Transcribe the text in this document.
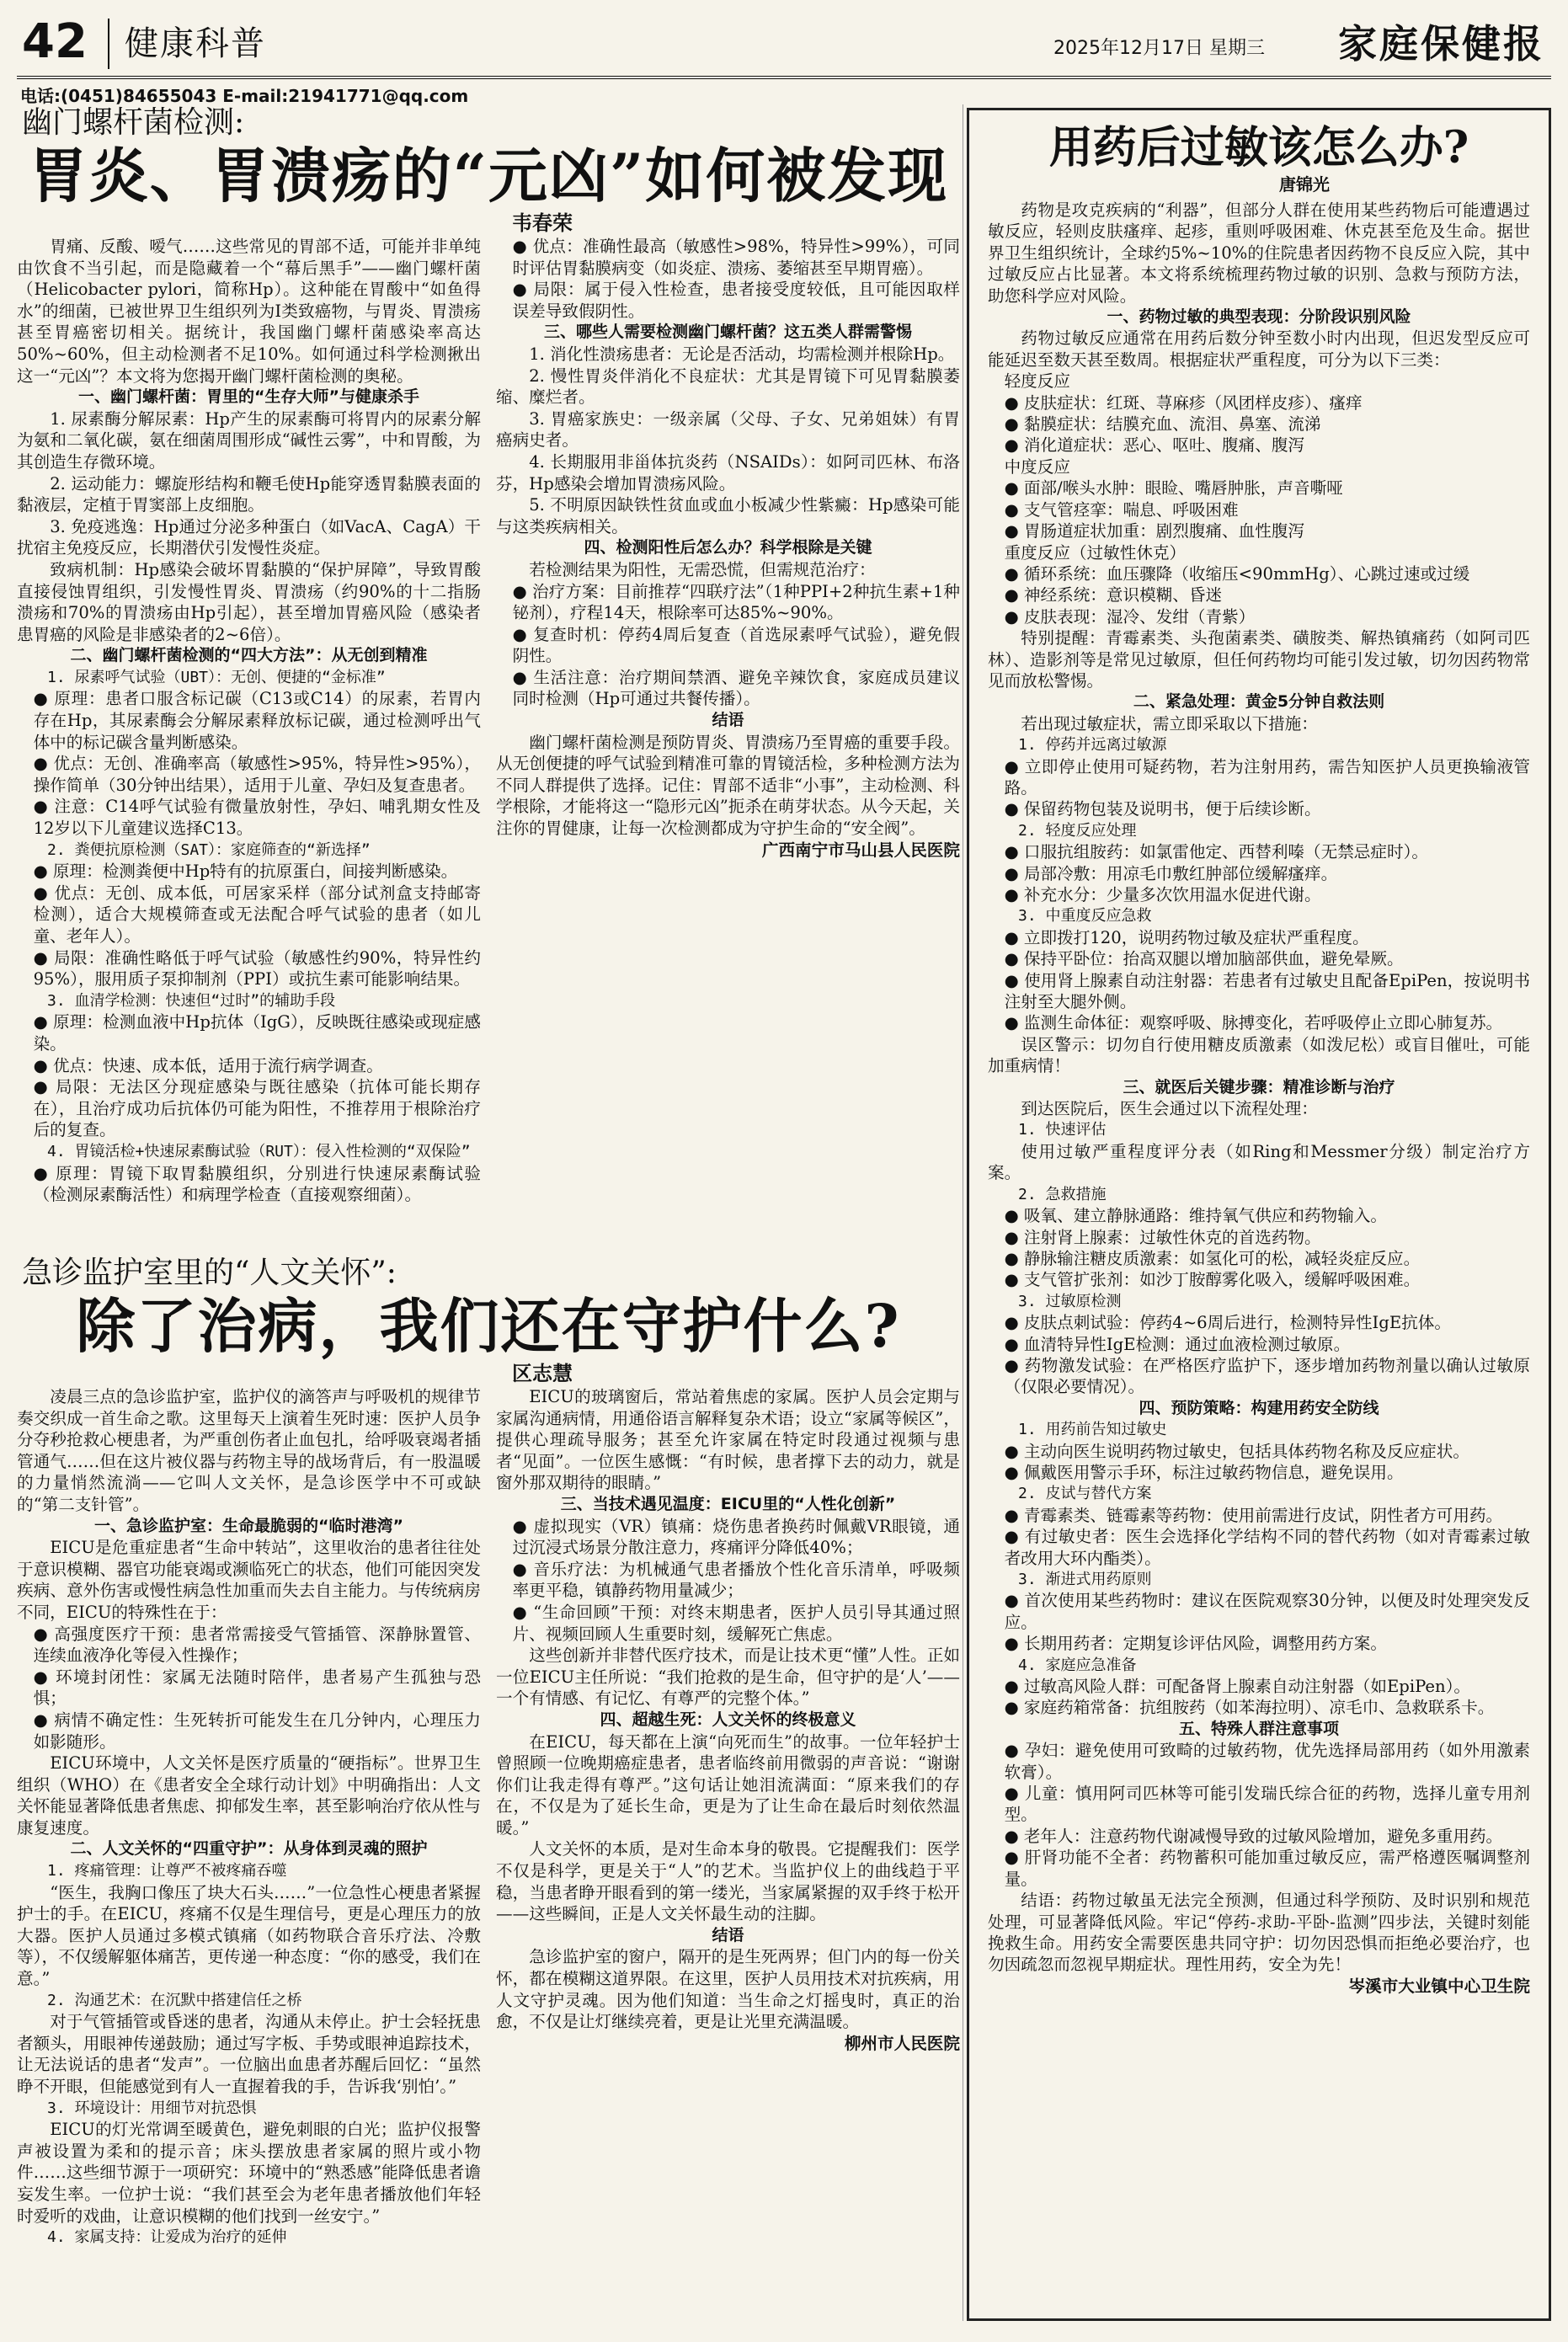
42 健康科普	2025年12月17日 星期三 家庭保健报
电话:(0451)84655043 E-mail:21941771@qq.com
幽门螺杆菌检测:
胃炎、胃溃疡的“元凶”如何被发现
韦春荣

胃痛、反酸、嗳气……这些常见的胃部不适，可能并非单纯由饮食不当引起，而是隐藏着一个“幕后黑手”——幽门螺杆菌（Helicobacter pylori，简称Hp）。这种能在胃酸中“如鱼得水”的细菌，已被世界卫生组织列为Ⅰ类致癌物，与胃炎、胃溃疡甚至胃癌密切相关。据统计，我国幽门螺杆菌感染率高达50%~60%，但主动检测者不足10%。如何通过科学检测揪出这一“元凶”？本文将为您揭开幽门螺杆菌检测的奥秘。

一、幽门螺杆菌：胃里的“生存大师”与健康杀手

1. 尿素酶分解尿素：Hp产生的尿素酶可将胃内的尿素分解为氨和二氧化碳，氨在细菌周围形成“碱性云雾”，中和胃酸，为其创造生存微环境。

2. 运动能力：螺旋形结构和鞭毛使Hp能穿透胃黏膜表面的黏液层，定植于胃窦部上皮细胞。

3. 免疫逃逸：Hp通过分泌多种蛋白（如VacA、CagA）干扰宿主免疫反应，长期潜伏引发慢性炎症。

致病机制：Hp感染会破坏胃黏膜的“保护屏障”，导致胃酸直接侵蚀胃组织，引发慢性胃炎、胃溃疡（约90%的十二指肠溃疡和70%的胃溃疡由Hp引起），甚至增加胃癌风险（感染者患胃癌的风险是非感染者的2~6倍）。

二、幽门螺杆菌检测的“四大方法”：从无创到精准

1. 尿素呼气试验（UBT）：无创、便捷的“金标准”

● 原理：患者口服含标记碳（C13或C14）的尿素，若胃内存在Hp，其尿素酶会分解尿素释放标记碳，通过检测呼出气体中的标记碳含量判断感染。

● 优点：无创、准确率高（敏感性>95%，特异性>95%），操作简单（30分钟出结果），适用于儿童、孕妇及复查患者。

● 注意：C14呼气试验有微量放射性，孕妇、哺乳期女性及12岁以下儿童建议选择C13。

2. 粪便抗原检测（SAT）：家庭筛查的“新选择”

● 原理：检测粪便中Hp特有的抗原蛋白，间接判断感染。

● 优点：无创、成本低，可居家采样（部分试剂盒支持邮寄检测），适合大规模筛查或无法配合呼气试验的患者（如儿童、老年人）。

● 局限：准确性略低于呼气试验（敏感性约90%，特异性约95%），服用质子泵抑制剂（PPI）或抗生素可能影响结果。

3. 血清学检测：快速但“过时”的辅助手段

● 原理：检测血液中Hp抗体（IgG），反映既往感染或现症感染。

● 优点：快速、成本低，适用于流行病学调查。

● 局限：无法区分现症感染与既往感染（抗体可能长期存在），且治疗成功后抗体仍可能为阳性，不推荐用于根除治疗后的复查。

4. 胃镜活检+快速尿素酶试验（RUT）：侵入性检测的“双保险”

● 原理：胃镜下取胃黏膜组织，分别进行快速尿素酶试验（检测尿素酶活性）和病理学检查（直接观察细菌）。

● 优点：准确性最高（敏感性>98%，特异性>99%），可同时评估胃黏膜病变（如炎症、溃疡、萎缩甚至早期胃癌）。

● 局限：属于侵入性检查，患者接受度较低，且可能因取样误差导致假阴性。

三、哪些人需要检测幽门螺杆菌？这五类人群需警惕

1. 消化性溃疡患者：无论是否活动，均需检测并根除Hp。

2. 慢性胃炎伴消化不良症状：尤其是胃镜下可见胃黏膜萎缩、糜烂者。

3. 胃癌家族史：一级亲属（父母、子女、兄弟姐妹）有胃癌病史者。

4. 长期服用非甾体抗炎药（NSAIDs）：如阿司匹林、布洛芬，Hp感染会增加胃溃疡风险。

5. 不明原因缺铁性贫血或血小板减少性紫癜：Hp感染可能与这类疾病相关。

四、检测阳性后怎么办？科学根除是关键

若检测结果为阳性，无需恐慌，但需规范治疗：

● 治疗方案：目前推荐“四联疗法”（1种PPI+2种抗生素+1种铋剂），疗程14天，根除率可达85%~90%。

● 复查时机：停药4周后复查（首选尿素呼气试验），避免假阴性。

● 生活注意：治疗期间禁酒、避免辛辣饮食，家庭成员建议同时检测（Hp可通过共餐传播）。

结语

幽门螺杆菌检测是预防胃炎、胃溃疡乃至胃癌的重要手段。从无创便捷的呼气试验到精准可靠的胃镜活检，多种检测方法为不同人群提供了选择。记住：胃部不适非“小事”，主动检测、科学根除，才能将这一“隐形元凶”扼杀在萌芽状态。从今天起，关注你的胃健康，让每一次检测都成为守护生命的“安全阀”。

广西南宁市马山县人民医院

急诊监护室里的“人文关怀”:
除了治病，我们还在守护什么?
区志慧

凌晨三点的急诊监护室，监护仪的滴答声与呼吸机的规律节奏交织成一首生命之歌。这里每天上演着生死时速：医护人员争分夺秒抢救心梗患者，为严重创伤者止血包扎，给呼吸衰竭者插管通气……但在这片被仪器与药物主导的战场背后，有一股温暖的力量悄然流淌——它叫人文关怀，是急诊医学中不可或缺的“第二支针管”。

一、急诊监护室：生命最脆弱的“临时港湾”

EICU是危重症患者“生命中转站”，这里收治的患者往往处于意识模糊、器官功能衰竭或濒临死亡的状态，他们可能因突发疾病、意外伤害或慢性病急性加重而失去自主能力。与传统病房不同，EICU的特殊性在于：

● 高强度医疗干预：患者常需接受气管插管、深静脉置管、连续血液净化等侵入性操作；

● 环境封闭性：家属无法随时陪伴，患者易产生孤独与恐惧；

● 病情不确定性：生死转折可能发生在几分钟内，心理压力如影随形。

EICU环境中，人文关怀是医疗质量的“硬指标”。世界卫生组织（WHO）在《患者安全全球行动计划》中明确指出：人文关怀能显著降低患者焦虑、抑郁发生率，甚至影响治疗依从性与康复速度。

二、人文关怀的“四重守护”：从身体到灵魂的照护

1. 疼痛管理：让尊严不被疼痛吞噬

“医生，我胸口像压了块大石头……”一位急性心梗患者紧握护士的手。在EICU，疼痛不仅是生理信号，更是心理压力的放大器。医护人员通过多模式镇痛（如药物联合音乐疗法、冷敷等），不仅缓解躯体痛苦，更传递一种态度：“你的感受，我们在意。”

2. 沟通艺术：在沉默中搭建信任之桥

对于气管插管或昏迷的患者，沟通从未停止。护士会轻抚患者额头，用眼神传递鼓励；通过写字板、手势或眼神追踪技术，让无法说话的患者“发声”。一位脑出血患者苏醒后回忆：“虽然睁不开眼，但能感觉到有人一直握着我的手，告诉我‘别怕’。”

3. 环境设计：用细节对抗恐惧

EICU的灯光常调至暖黄色，避免刺眼的白光；监护仪报警声被设置为柔和的提示音；床头摆放患者家属的照片或小物件……这些细节源于一项研究：环境中的“熟悉感”能降低患者谵妄发生率。一位护士说：“我们甚至会为老年患者播放他们年轻时爱听的戏曲，让意识模糊的他们找到一丝安宁。”

4. 家属支持：让爱成为治疗的延伸

EICU的玻璃窗后，常站着焦虑的家属。医护人员会定期与家属沟通病情，用通俗语言解释复杂术语；设立“家属等候区”，提供心理疏导服务；甚至允许家属在特定时段通过视频与患者“见面”。一位医生感慨：“有时候，患者撑下去的动力，就是窗外那双期待的眼睛。”

三、当技术遇见温度：EICU里的“人性化创新”

● 虚拟现实（VR）镇痛：烧伤患者换药时佩戴VR眼镜，通过沉浸式场景分散注意力，疼痛评分降低40%；

● 音乐疗法：为机械通气患者播放个性化音乐清单，呼吸频率更平稳，镇静药物用量减少；

● “生命回顾”干预：对终末期患者，医护人员引导其通过照片、视频回顾人生重要时刻，缓解死亡焦虑。

这些创新并非替代医疗技术，而是让技术更“懂”人性。正如一位EICU主任所说：“我们抢救的是生命，但守护的是‘人’——一个有情感、有记忆、有尊严的完整个体。”

四、超越生死：人文关怀的终极意义

在EICU，每天都在上演“向死而生”的故事。一位年轻护士曾照顾一位晚期癌症患者，患者临终前用微弱的声音说：“谢谢你们让我走得有尊严。”这句话让她泪流满面：“原来我们的存在，不仅是为了延长生命，更是为了让生命在最后时刻依然温暖。”

人文关怀的本质，是对生命本身的敬畏。它提醒我们：医学不仅是科学，更是关于“人”的艺术。当监护仪上的曲线趋于平稳，当患者睁开眼看到的第一缕光，当家属紧握的双手终于松开——这些瞬间，正是人文关怀最生动的注脚。

结语

急诊监护室的窗户，隔开的是生死两界；但门内的每一份关怀，都在模糊这道界限。在这里，医护人员用技术对抗疾病，用人文守护灵魂。因为他们知道：当生命之灯摇曳时，真正的治愈，不仅是让灯继续亮着，更是让光里充满温暖。

柳州市人民医院

用药后过敏该怎么办?
唐锦光

药物是攻克疾病的“利器”，但部分人群在使用某些药物后可能遭遇过敏反应，轻则皮肤瘙痒、起疹，重则呼吸困难、休克甚至危及生命。据世界卫生组织统计，全球约5%~10%的住院患者因药物不良反应入院，其中过敏反应占比显著。本文将系统梳理药物过敏的识别、急救与预防方法，助您科学应对风险。

一、药物过敏的典型表现：分阶段识别风险

药物过敏反应通常在用药后数分钟至数小时内出现，但迟发型反应可能延迟至数天甚至数周。根据症状严重程度，可分为以下三类：

轻度反应

● 皮肤症状：红斑、荨麻疹（风团样皮疹）、瘙痒

● 黏膜症状：结膜充血、流泪、鼻塞、流涕

● 消化道症状：恶心、呕吐、腹痛、腹泻

中度反应

● 面部/喉头水肿：眼睑、嘴唇肿胀，声音嘶哑

● 支气管痉挛：喘息、呼吸困难

● 胃肠道症状加重：剧烈腹痛、血性腹泻

重度反应（过敏性休克）

● 循环系统：血压骤降（收缩压<90mmHg）、心跳过速或过缓

● 神经系统：意识模糊、昏迷

● 皮肤表现：湿冷、发绀（青紫）

特别提醒：青霉素类、头孢菌素类、磺胺类、解热镇痛药（如阿司匹林）、造影剂等是常见过敏原，但任何药物均可能引发过敏，切勿因药物常见而放松警惕。

二、紧急处理：黄金5分钟自救法则

若出现过敏症状，需立即采取以下措施：

1. 停药并远离过敏源

● 立即停止使用可疑药物，若为注射用药，需告知医护人员更换输液管路。

● 保留药物包装及说明书，便于后续诊断。

2. 轻度反应处理

● 口服抗组胺药：如氯雷他定、西替利嗪（无禁忌症时）。

● 局部冷敷：用凉毛巾敷红肿部位缓解瘙痒。

● 补充水分：少量多次饮用温水促进代谢。

3. 中重度反应急救

● 立即拨打120，说明药物过敏及症状严重程度。

● 保持平卧位：抬高双腿以增加脑部供血，避免晕厥。

● 使用肾上腺素自动注射器：若患者有过敏史且配备EpiPen，按说明书注射至大腿外侧。

● 监测生命体征：观察呼吸、脉搏变化，若呼吸停止立即心肺复苏。

误区警示：切勿自行使用糖皮质激素（如泼尼松）或盲目催吐，可能加重病情！

三、就医后关键步骤：精准诊断与治疗

到达医院后，医生会通过以下流程处理：

1. 快速评估

使用过敏严重程度评分表（如Ring和Messmer分级）制定治疗方案。

2. 急救措施

● 吸氧、建立静脉通路：维持氧气供应和药物输入。

● 注射肾上腺素：过敏性休克的首选药物。

● 静脉输注糖皮质激素：如氢化可的松，减轻炎症反应。

● 支气管扩张剂：如沙丁胺醇雾化吸入，缓解呼吸困难。

3. 过敏原检测

● 皮肤点刺试验：停药4~6周后进行，检测特异性IgE抗体。

● 血清特异性IgE检测：通过血液检测过敏原。

● 药物激发试验：在严格医疗监护下，逐步增加药物剂量以确认过敏原（仅限必要情况）。

四、预防策略：构建用药安全防线

1. 用药前告知过敏史

● 主动向医生说明药物过敏史，包括具体药物名称及反应症状。

● 佩戴医用警示手环，标注过敏药物信息，避免误用。

2. 皮试与替代方案

● 青霉素类、链霉素等药物：使用前需进行皮试，阴性者方可用药。

● 有过敏史者：医生会选择化学结构不同的替代药物（如对青霉素过敏者改用大环内酯类）。

3. 渐进式用药原则

● 首次使用某些药物时：建议在医院观察30分钟，以便及时处理突发反应。

● 长期用药者：定期复诊评估风险，调整用药方案。

4. 家庭应急准备

● 过敏高风险人群：可配备肾上腺素自动注射器（如EpiPen）。

● 家庭药箱常备：抗组胺药（如苯海拉明）、凉毛巾、急救联系卡。

五、特殊人群注意事项

● 孕妇：避免使用可致畸的过敏药物，优先选择局部用药（如外用激素软膏）。

● 儿童：慎用阿司匹林等可能引发瑞氏综合征的药物，选择儿童专用剂型。

● 老年人：注意药物代谢减慢导致的过敏风险增加，避免多重用药。

● 肝肾功能不全者：药物蓄积可能加重过敏反应，需严格遵医嘱调整剂量。

结语：药物过敏虽无法完全预测，但通过科学预防、及时识别和规范处理，可显著降低风险。牢记“停药-求助-平卧-监测”四步法，关键时刻能挽救生命。用药安全需要医患共同守护：切勿因恐惧而拒绝必要治疗，也勿因疏忽而忽视早期症状。理性用药，安全为先！

岑溪市大业镇中心卫生院
